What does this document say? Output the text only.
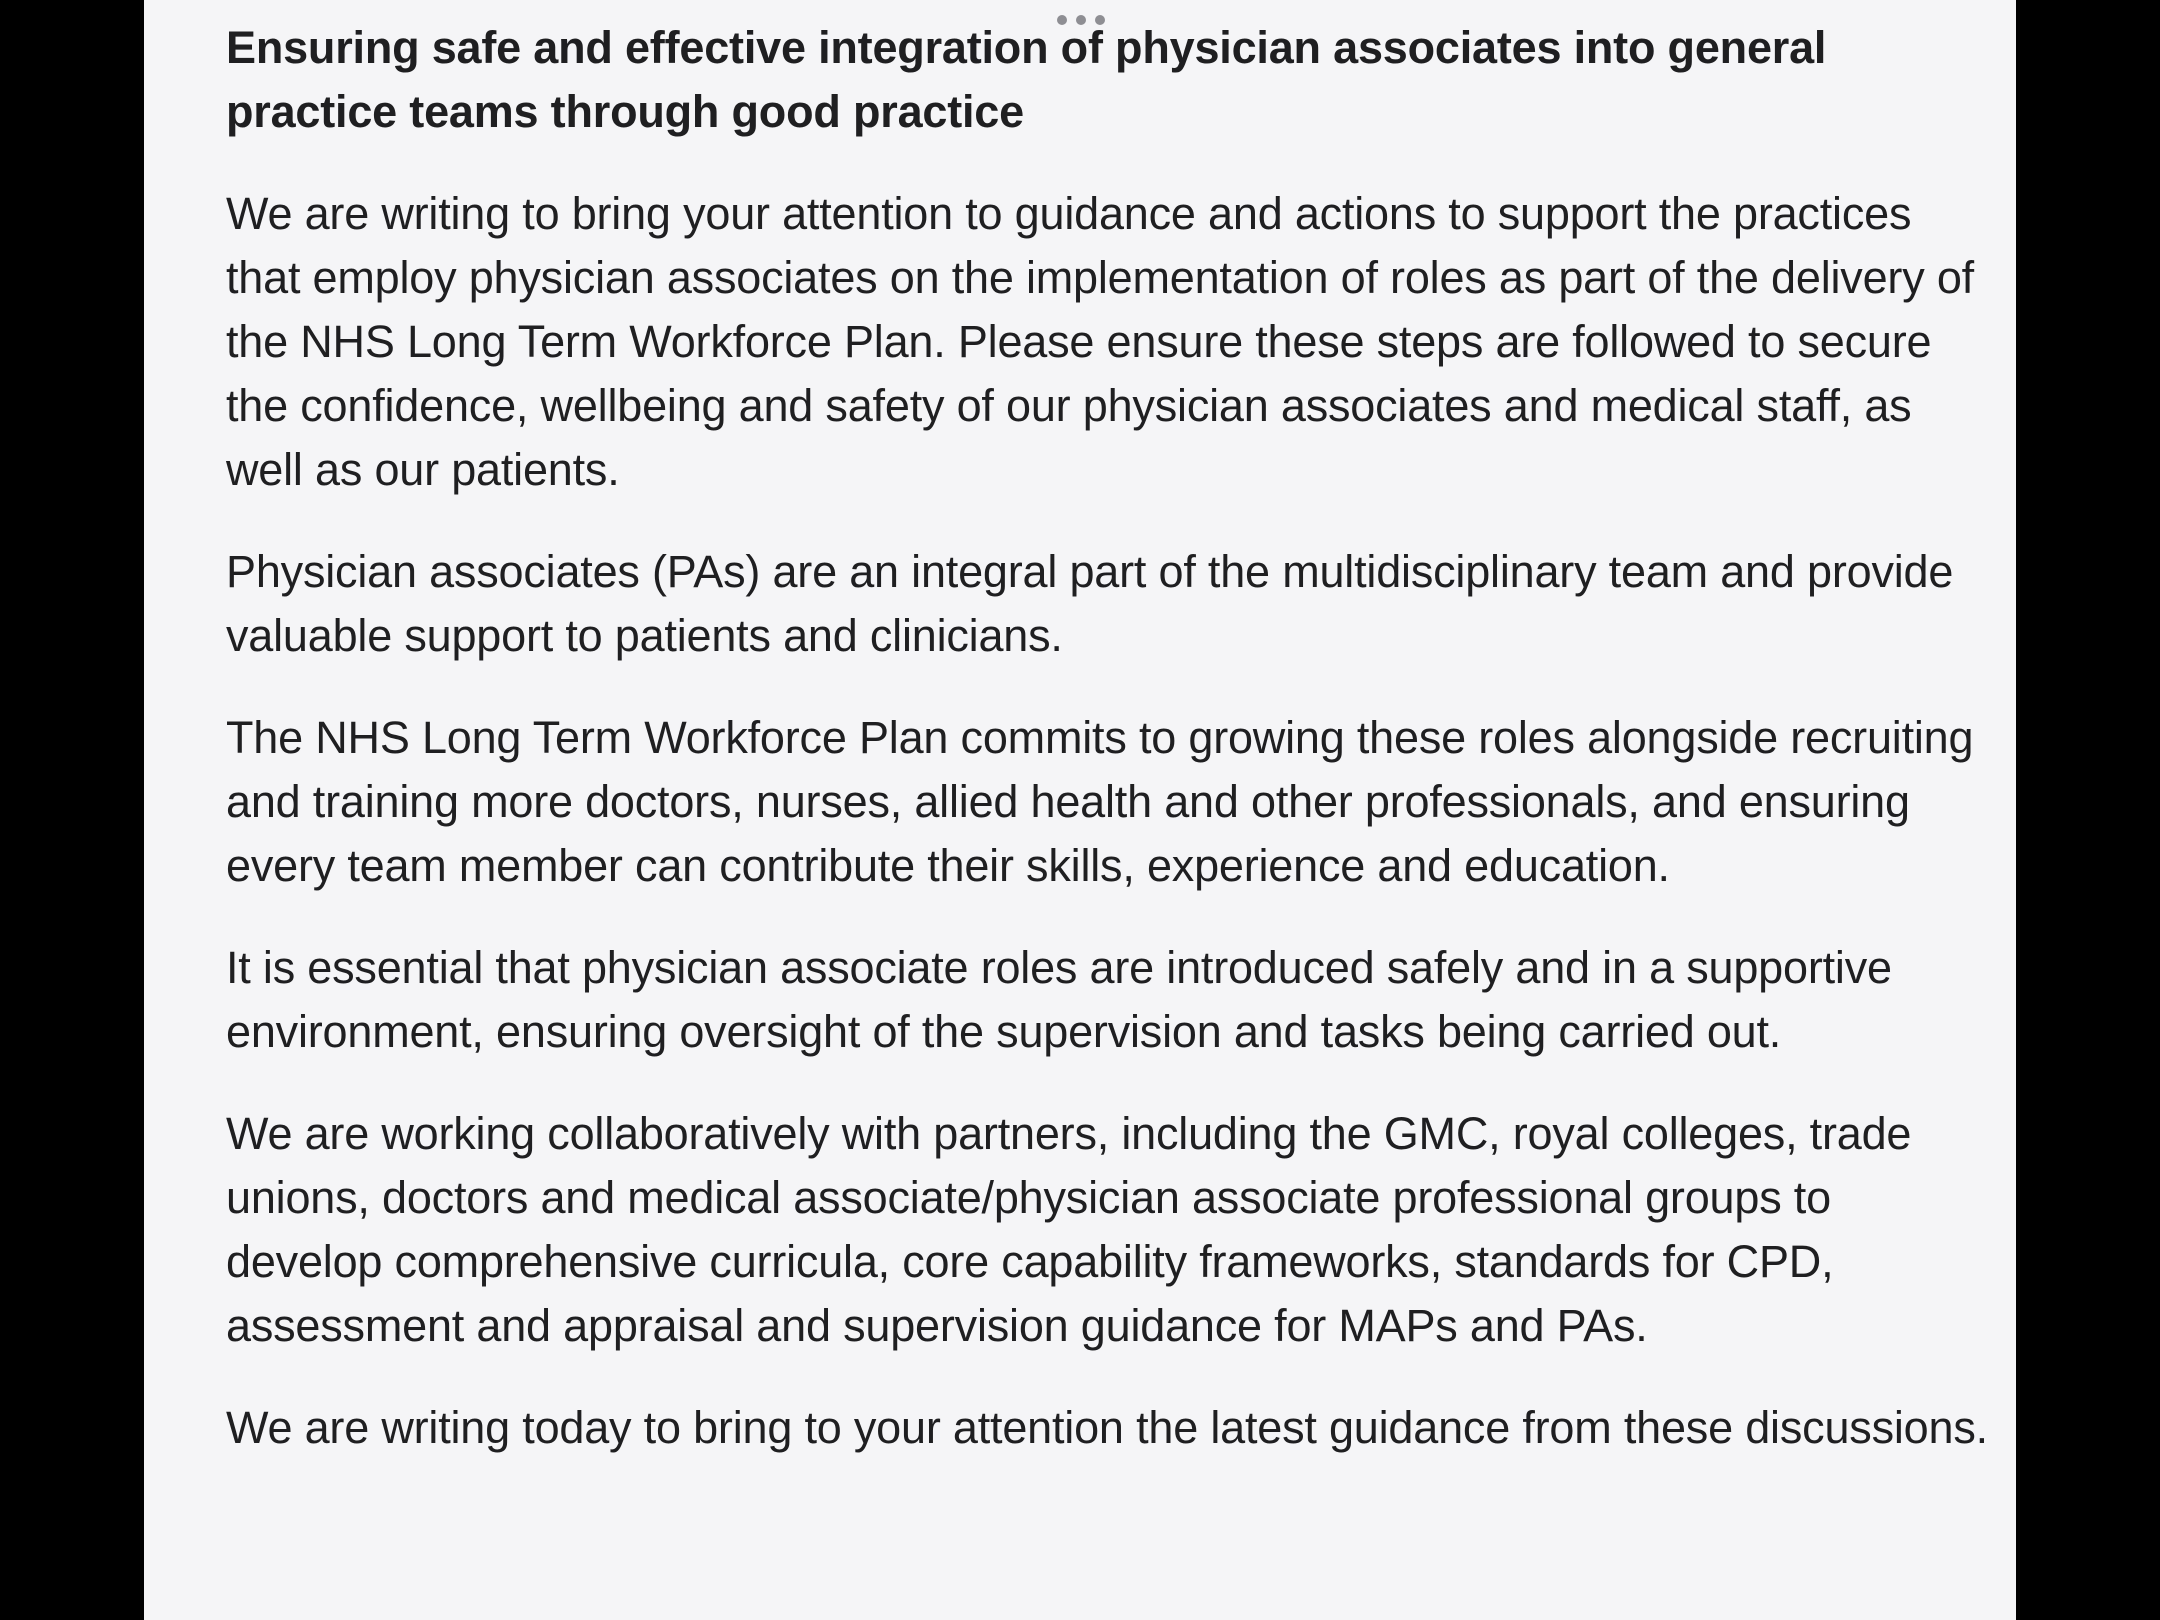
Ensuring safe and effective integration of physician associates into general practice teams through good practice

We are writing to bring your attention to guidance and actions to support the practices that employ physician associates on the implementation of roles as part of the delivery of the NHS Long Term Workforce Plan. Please ensure these steps are followed to secure the confidence, wellbeing and safety of our physician associates and medical staff, as well as our patients.

Physician associates (PAs) are an integral part of the multidisciplinary team and provide valuable support to patients and clinicians.

The NHS Long Term Workforce Plan commits to growing these roles alongside recruiting and training more doctors, nurses, allied health and other professionals, and ensuring every team member can contribute their skills, experience and education.

It is essential that physician associate roles are introduced safely and in a supportive environment, ensuring oversight of the supervision and tasks being carried out.

We are working collaboratively with partners, including the GMC, royal colleges, trade unions, doctors and medical associate/physician associate professional groups to develop comprehensive curricula, core capability frameworks, standards for CPD, assessment and appraisal and supervision guidance for MAPs and PAs.

We are writing today to bring to your attention the latest guidance from these discussions.
